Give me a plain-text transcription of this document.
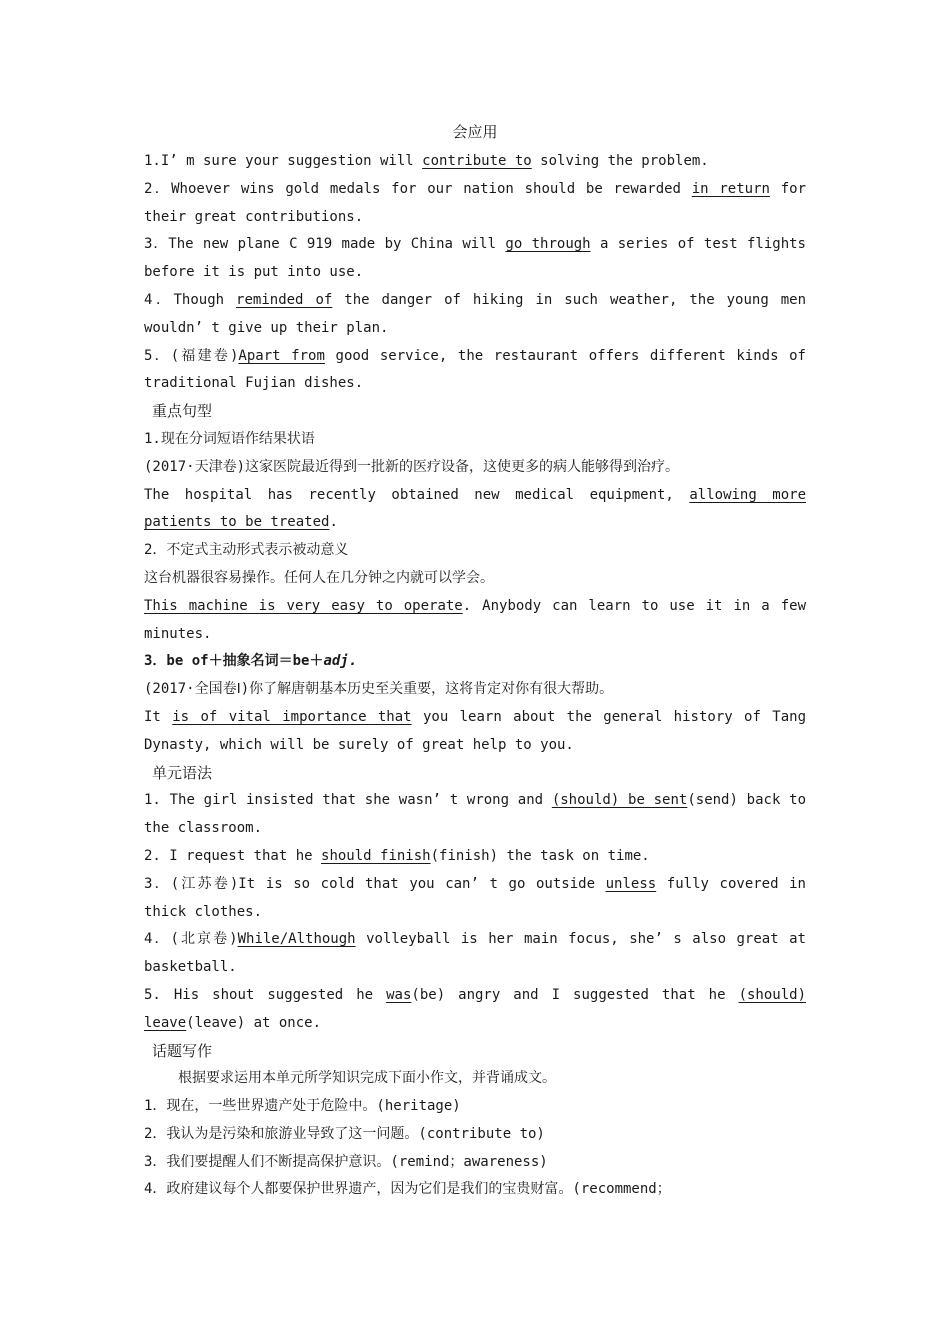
会应用
1.I’ m sure your suggestion will contribute to solving the problem.
2．Whoever wins gold medals for our nation should be rewarded in return for
their great contributions.
3．The new plane C 919 made by China will go through a series of test flights
before it is put into use.
4．Though reminded of the danger of hiking in such weather, the young men
wouldn’ t give up their plan.
5．(福建卷)Apart from good service, the restaurant offers different kinds of
traditional Fujian dishes.
重点句型
1.现在分词短语作结果状语
(2017·天津卷)这家医院最近得到一批新的医疗设备，这使更多的病人能够得到治疗。
The hospital has recently obtained new medical equipment, allowing more
patients to be treated.
2．不定式主动形式表示被动意义
这台机器很容易操作。任何人在几分钟之内就可以学会。
This machine is very easy to operate. Anybody can learn to use it in a few
minutes.
3．be of＋抽象名词＝be＋adj.
(2017·全国卷Ⅰ)你了解唐朝基本历史至关重要，这将肯定对你有很大帮助。
It is of vital importance that you learn about the general history of Tang
Dynasty, which will be surely of great help to you.
单元语法
1. The girl insisted that she wasn’ t wrong and (should) be sent(send) back to
the classroom.
2. I request that he should finish(finish) the task on time.
3．(江苏卷)It is so cold that you can’ t go outside unless fully covered in
thick clothes.
4．(北京卷)While/Although volleyball is her main focus, she’ s also great at
basketball.
5. His shout suggested he was(be) angry and I suggested that he (should)
leave(leave) at once.
话题写作
根据要求运用本单元所学知识完成下面小作文，并背诵成文。
1．现在，一些世界遗产处于危险中。(heritage)
2．我认为是污染和旅游业导致了这一问题。(contribute to)
3．我们要提醒人们不断提高保护意识。(remind；awareness)
4．政府建议每个人都要保护世界遗产，因为它们是我们的宝贵财富。(recommend；
